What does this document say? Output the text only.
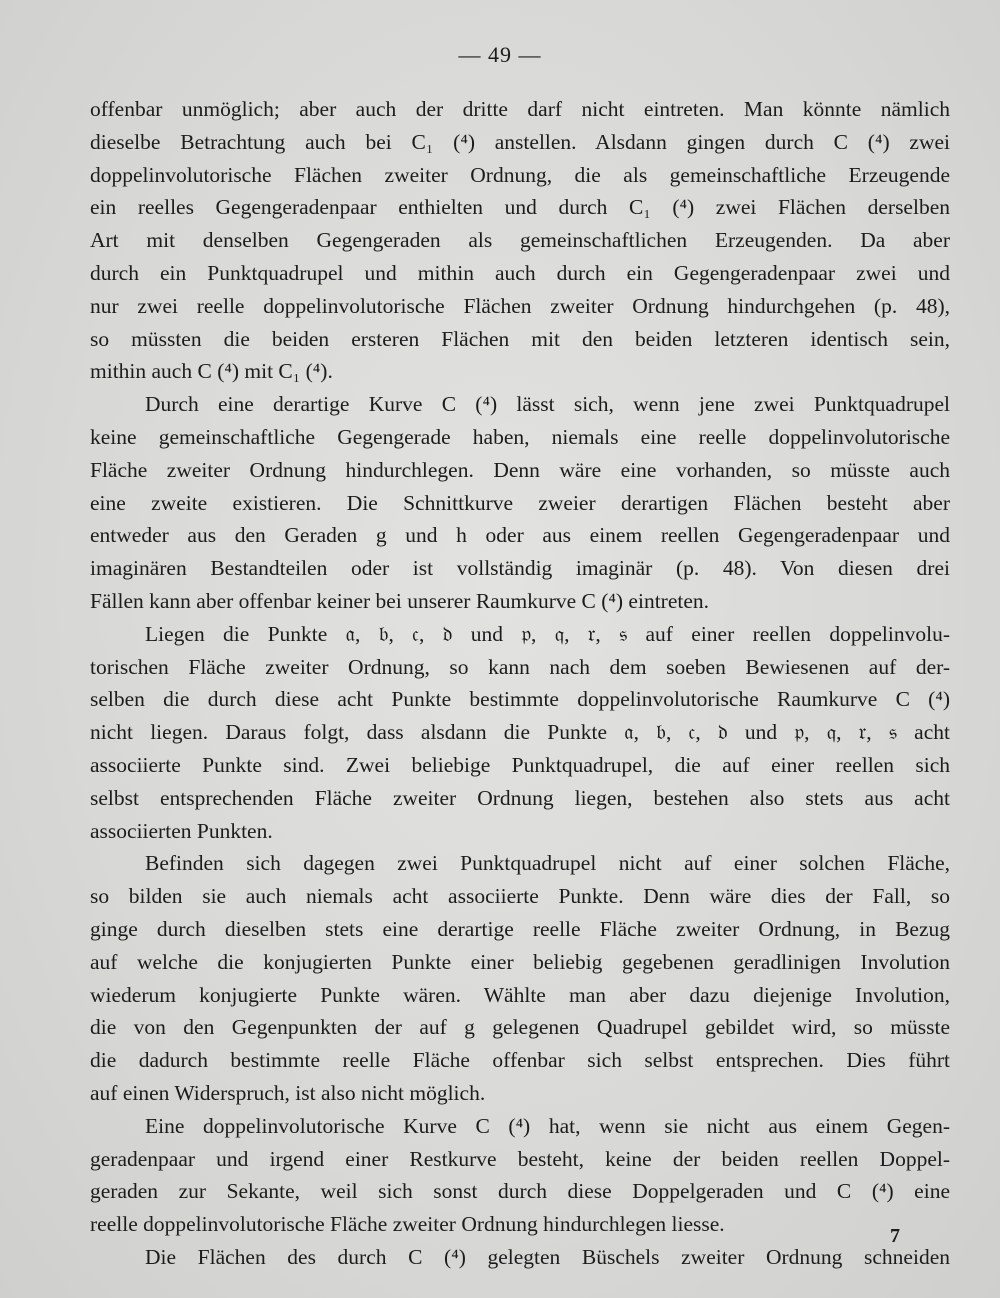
— 49 —
offenbar unmöglich; aber auch der dritte darf nicht eintreten. Man könnte nämlich
dieselbe Betrachtung auch bei C₁ (⁴) anstellen. Alsdann gingen durch C (⁴) zwei
doppelinvolutorische Flächen zweiter Ordnung, die als gemeinschaftliche Erzeugende
ein reelles Gegengeradenpaar enthielten und durch C₁ (⁴) zwei Flächen derselben
Art mit denselben Gegengeraden als gemeinschaftlichen Erzeugenden. Da aber
durch ein Punktquadrupel und mithin auch durch ein Gegengeradenpaar zwei und
nur zwei reelle doppelinvolutorische Flächen zweiter Ordnung hindurchgehen (p. 48),
so müssten die beiden ersteren Flächen mit den beiden letzteren identisch sein,
mithin auch C (⁴) mit C₁ (⁴).
Durch eine derartige Kurve C (⁴) lässt sich, wenn jene zwei Punktquadrupel
keine gemeinschaftliche Gegengerade haben, niemals eine reelle doppelinvolutorische
Fläche zweiter Ordnung hindurchlegen. Denn wäre eine vorhanden, so müsste auch
eine zweite existieren. Die Schnittkurve zweier derartigen Flächen besteht aber
entweder aus den Geraden g und h oder aus einem reellen Gegengeradenpaar und
imaginären Bestandteilen oder ist vollständig imaginär (p. 48). Von diesen drei
Fällen kann aber offenbar keiner bei unserer Raumkurve C (⁴) eintreten.
Liegen die Punkte 𝔞, 𝔟, 𝔠, 𝔡 und 𝔭, 𝔮, 𝔯, 𝔰 auf einer reellen doppelinvolu-
torischen Fläche zweiter Ordnung, so kann nach dem soeben Bewiesenen auf der-
selben die durch diese acht Punkte bestimmte doppelinvolutorische Raumkurve C (⁴)
nicht liegen. Daraus folgt, dass alsdann die Punkte 𝔞, 𝔟, 𝔠, 𝔡 und 𝔭, 𝔮, 𝔯, 𝔰 acht
associierte Punkte sind. Zwei beliebige Punktquadrupel, die auf einer reellen sich
selbst entsprechenden Fläche zweiter Ordnung liegen, bestehen also stets aus acht
associierten Punkten.
Befinden sich dagegen zwei Punktquadrupel nicht auf einer solchen Fläche,
so bilden sie auch niemals acht associierte Punkte. Denn wäre dies der Fall, so
ginge durch dieselben stets eine derartige reelle Fläche zweiter Ordnung, in Bezug
auf welche die konjugierten Punkte einer beliebig gegebenen geradlinigen Involution
wiederum konjugierte Punkte wären. Wählte man aber dazu diejenige Involution,
die von den Gegenpunkten der auf g gelegenen Quadrupel gebildet wird, so müsste
die dadurch bestimmte reelle Fläche offenbar sich selbst entsprechen. Dies führt
auf einen Widerspruch, ist also nicht möglich.
Eine doppelinvolutorische Kurve C (⁴) hat, wenn sie nicht aus einem Gegen-
geradenpaar und irgend einer Restkurve besteht, keine der beiden reellen Doppel-
geraden zur Sekante, weil sich sonst durch diese Doppelgeraden und C (⁴) eine
reelle doppelinvolutorische Fläche zweiter Ordnung hindurchlegen liesse.
Die Flächen des durch C (⁴) gelegten Büschels zweiter Ordnung schneiden
7
